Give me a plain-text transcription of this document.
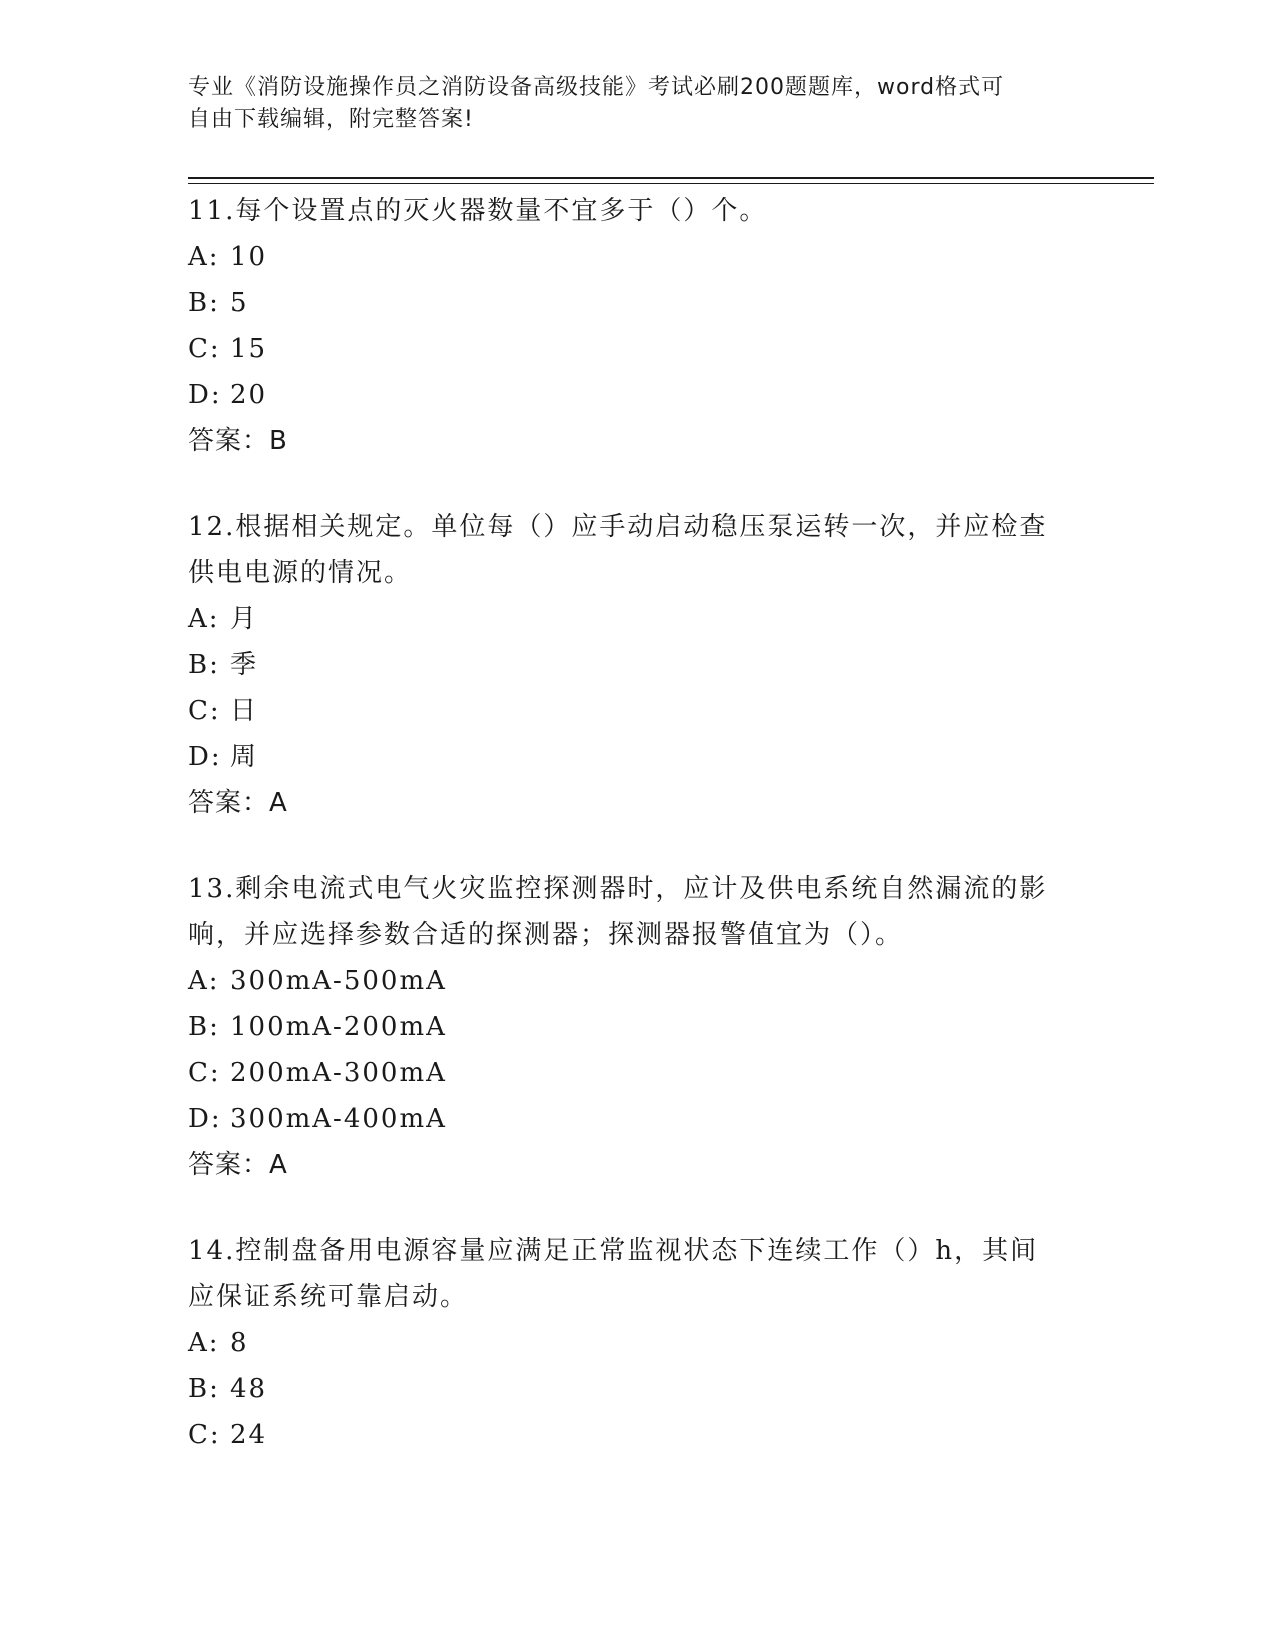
专业《消防设施操作员之消防设备高级技能》考试必刷200题题库，word格式可
自由下载编辑，附完整答案!
11.每个设置点的灭火器数量不宜多于（）个。
A: 10
B: 5
C: 15
D: 20
答案：B
12.根据相关规定。单位每（）应手动启动稳压泵运转一次，并应检查
供电电源的情况。
A: 月
B: 季
C: 日
D: 周
答案：A
13.剩余电流式电气火灾监控探测器时，应计及供电系统自然漏流的影
响，并应选择参数合适的探测器；探测器报警值宜为（）。
A: 300mA-500mA
B: 100mA-200mA
C: 200mA-300mA
D: 300mA-400mA
答案：A
14.控制盘备用电源容量应满足正常监视状态下连续工作（）h，其间
应保证系统可靠启动。
A: 8
B: 48
C: 24
